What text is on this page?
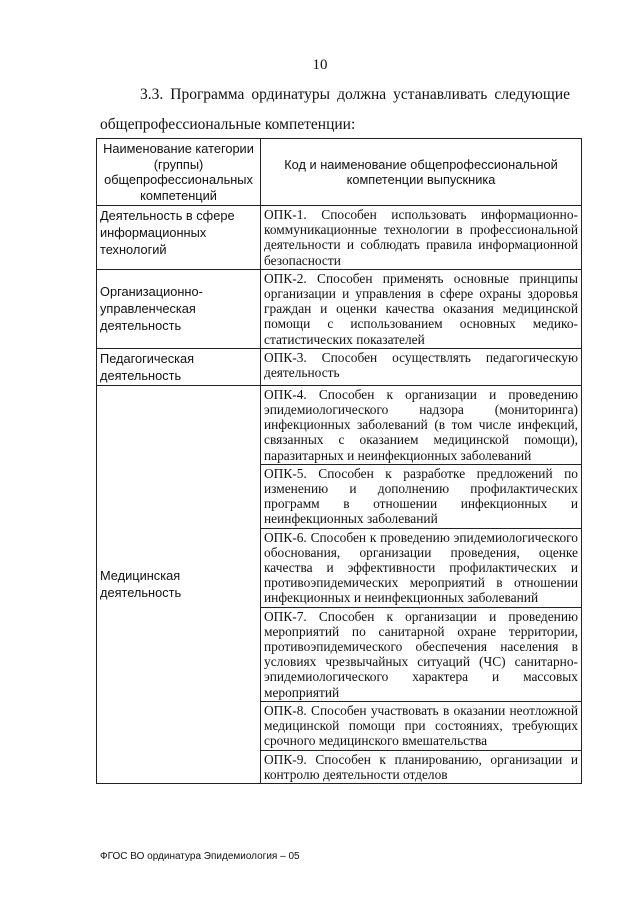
10

3.3. Программа ординатуры должна устанавливать следующие

общепрофессиональные компетенции:

Наименование категории (группы) общепрофессиональных компетенций	Код и наименование общепрофессиональной компетенции выпускника
Деятельность в сфере информационных технологий	ОПК-1. Способен использовать информационно-коммуникационные технологии в профессиональной деятельности и соблюдать правила информационной безопасности
Организационно-управленческая деятельность	ОПК-2. Способен применять основные принципы организации и управления в сфере охраны здоровья граждан и оценки качества оказания медицинской помощи с использованием основных медико-статистических показателей
Педагогическая деятельность	ОПК-3. Способен осуществлять педагогическую деятельность
Медицинская деятельность	ОПК-4. Способен к организации и проведению эпидемиологического надзора (мониторинга) инфекционных заболеваний (в том числе инфекций, связанных с оказанием медицинской помощи), паразитарных и неинфекционных заболеваний
	ОПК-5. Способен к разработке предложений по изменению и дополнению профилактических программ в отношении инфекционных и неинфекционных заболеваний
	ОПК-6. Способен к проведению эпидемиологического обоснования, организации проведения, оценке качества и эффективности профилактических и противоэпидемических мероприятий в отношении инфекционных и неинфекционных заболеваний
	ОПК-7. Способен к организации и проведению мероприятий по санитарной охране территории, противоэпидемического обеспечения населения в условиях чрезвычайных ситуаций (ЧС) санитарно-эпидемиологического характера и массовых мероприятий
	ОПК-8. Способен участвовать в оказании неотложной медицинской помощи при состояниях, требующих срочного медицинского вмешательства
	ОПК-9. Способен к планированию, организации и контролю деятельности отделов
ФГОС ВО ординатура Эпидемиология – 05
